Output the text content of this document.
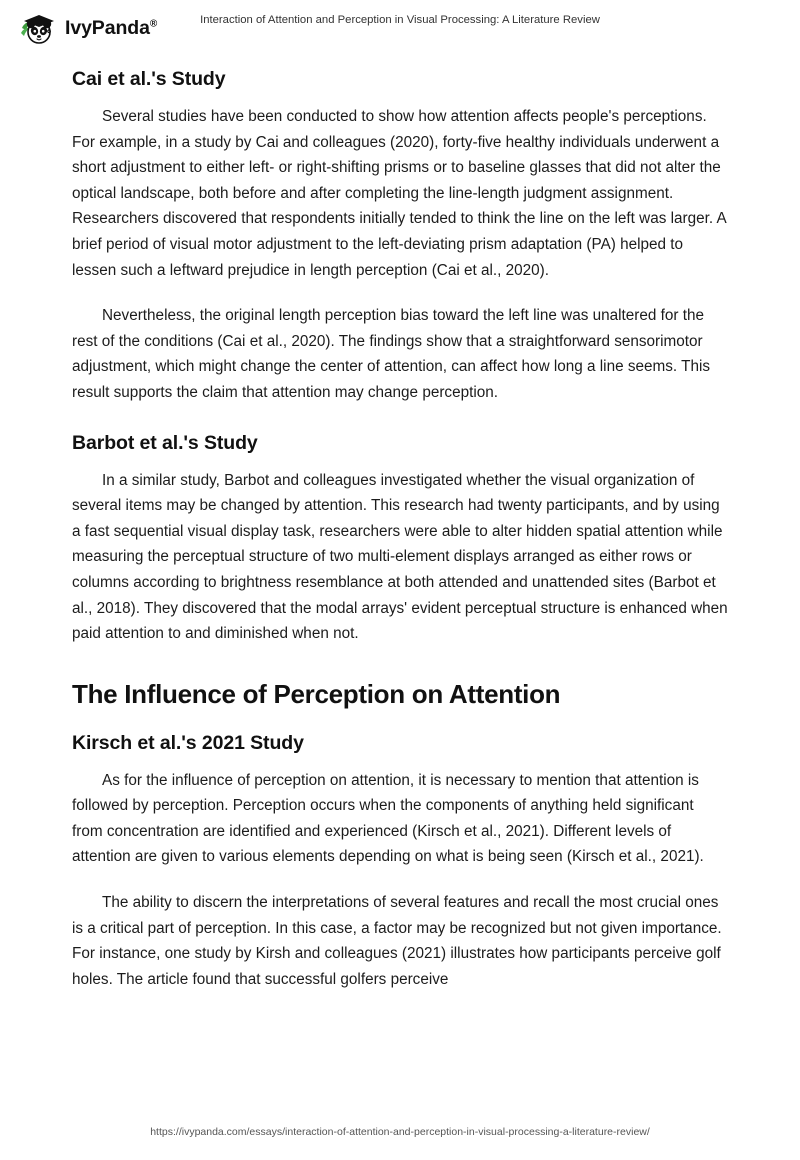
IvyPanda®	Interaction of Attention and Perception in Visual Processing: A Literature Review
Cai et al.'s Study

Several studies have been conducted to show how attention affects people's perceptions. For example, in a study by Cai and colleagues (2020), forty-five healthy individuals underwent a short adjustment to either left- or right-shifting prisms or to baseline glasses that did not alter the optical landscape, both before and after completing the line-length judgment assignment. Researchers discovered that respondents initially tended to think the line on the left was larger. A brief period of visual motor adjustment to the left-deviating prism adaptation (PA) helped to lessen such a leftward prejudice in length perception (Cai et al., 2020).

Nevertheless, the original length perception bias toward the left line was unaltered for the rest of the conditions (Cai et al., 2020). The findings show that a straightforward sensorimotor adjustment, which might change the center of attention, can affect how long a line seems. This result supports the claim that attention may change perception.

Barbot et al.'s Study

In a similar study, Barbot and colleagues investigated whether the visual organization of several items may be changed by attention. This research had twenty participants, and by using a fast sequential visual display task, researchers were able to alter hidden spatial attention while measuring the perceptual structure of two multi-element displays arranged as either rows or columns according to brightness resemblance at both attended and unattended sites (Barbot et al., 2018). They discovered that the modal arrays' evident perceptual structure is enhanced when paid attention to and diminished when not.

The Influence of Perception on Attention
Kirsch et al.'s 2021 Study

As for the influence of perception on attention, it is necessary to mention that attention is followed by perception. Perception occurs when the components of anything held significant from concentration are identified and experienced (Kirsch et al., 2021). Different levels of attention are given to various elements depending on what is being seen (Kirsch et al., 2021).

The ability to discern the interpretations of several features and recall the most crucial ones is a critical part of perception. In this case, a factor may be recognized but not given importance. For instance, one study by Kirsh and colleagues (2021) illustrates how participants perceive golf holes. The article found that successful golfers perceive

https://ivypanda.com/essays/interaction-of-attention-and-perception-in-visual-processing-a-literature-review/
